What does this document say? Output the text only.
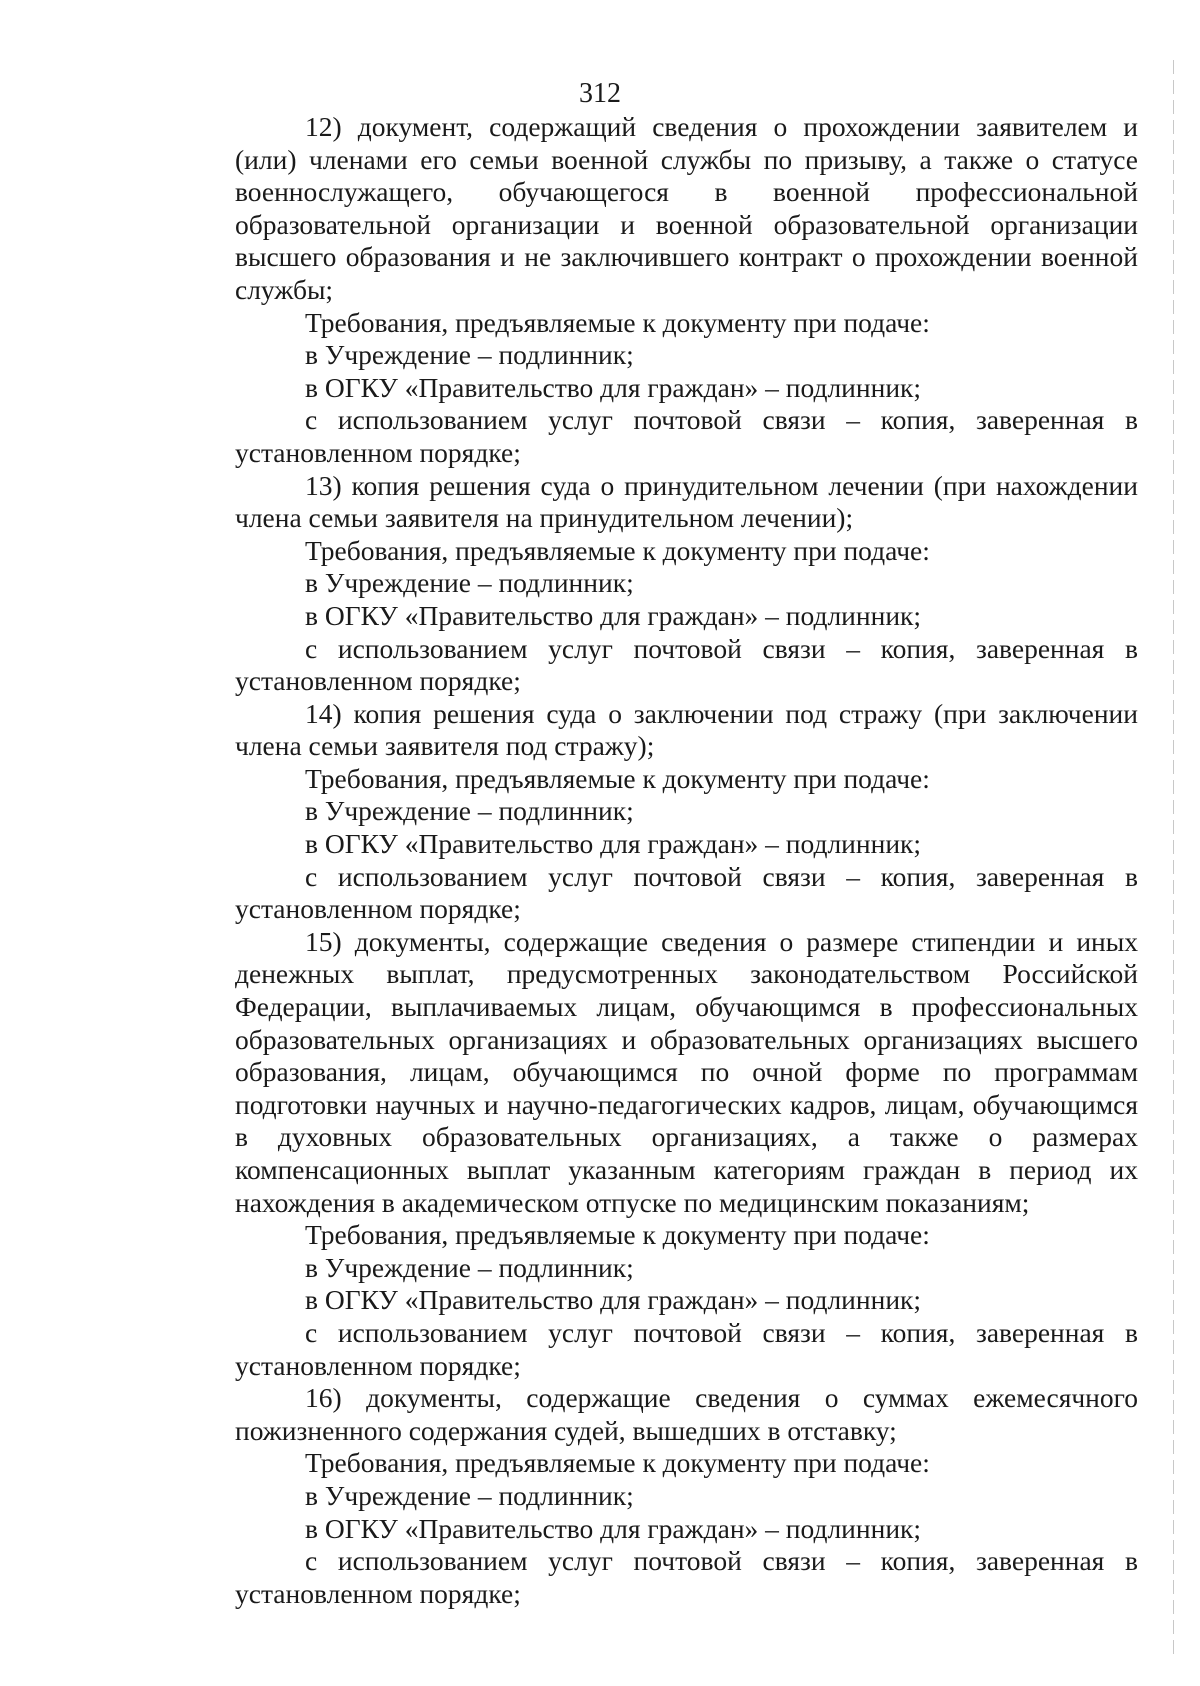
312

12) документ, содержащий сведения о прохождении заявителем и (или) членами его семьи военной службы по призыву, а также о статусе военнослужащего, обучающегося в военной профессиональной образовательной организации и военной образовательной организации высшего образования и не заключившего контракт о прохождении военной службы;

Требования, предъявляемые к документу при подаче:

в Учреждение – подлинник;

в ОГКУ «Правительство для граждан» – подлинник;

с использованием услуг почтовой связи – копия, заверенная в установленном порядке;

13) копия решения суда о принудительном лечении (при нахождении члена семьи заявителя на принудительном лечении);

Требования, предъявляемые к документу при подаче:

в Учреждение – подлинник;

в ОГКУ «Правительство для граждан» – подлинник;

с использованием услуг почтовой связи – копия, заверенная в установленном порядке;

14) копия решения суда о заключении под стражу (при заключении члена семьи заявителя под стражу);

Требования, предъявляемые к документу при подаче:

в Учреждение – подлинник;

в ОГКУ «Правительство для граждан» – подлинник;

с использованием услуг почтовой связи – копия, заверенная в установленном порядке;

15) документы, содержащие сведения о размере стипендии и иных денежных выплат, предусмотренных законодательством Российской Федерации, выплачиваемых лицам, обучающимся в профессиональных образовательных организациях и образовательных организациях высшего образования, лицам, обучающимся по очной форме по программам подготовки научных и научно-педагогических кадров, лицам, обучающимся в духовных образовательных организациях, а также о размерах компенсационных выплат указанным категориям граждан в период их нахождения в академическом отпуске по медицинским показаниям;

Требования, предъявляемые к документу при подаче:

в Учреждение – подлинник;

в ОГКУ «Правительство для граждан» – подлинник;

с использованием услуг почтовой связи – копия, заверенная в установленном порядке;

16) документы, содержащие сведения о суммах ежемесячного пожизненного содержания судей, вышедших в отставку;

Требования, предъявляемые к документу при подаче:

в Учреждение – подлинник;

в ОГКУ «Правительство для граждан» – подлинник;

с использованием услуг почтовой связи – копия, заверенная в установленном порядке;
